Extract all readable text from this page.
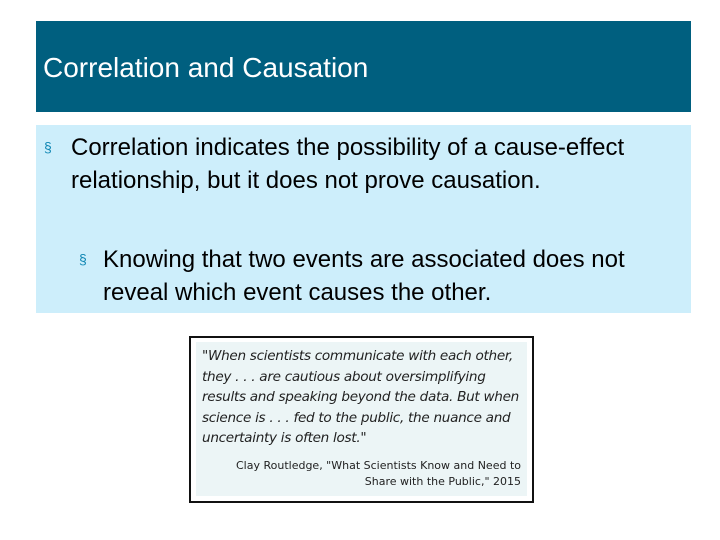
Correlation and Causation
§ Correlation indicates the possibility of a cause-effect relationship, but it does not prove causation.
§ Knowing that two events are associated does not reveal which event causes the other.
"When scientists communicate with each other,
they . . . are cautious about oversimplifying
results and speaking beyond the data. But when
science is . . . fed to the public, the nuance and
uncertainty is often lost."
Clay Routledge, "What Scientists Know and Need to
Share with the Public," 2015
